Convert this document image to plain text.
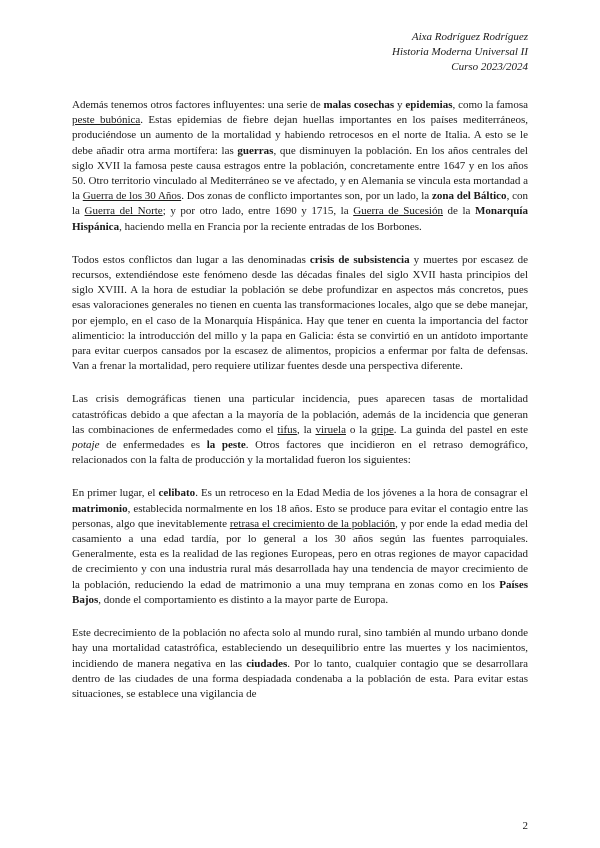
Aixa Rodríguez Rodríguez
Historia Moderna Universal II
Curso 2023/2024

Además tenemos otros factores influyentes: una serie de malas cosechas y epidemias, como la famosa peste bubónica. Estas epidemias de fiebre dejan huellas importantes en los países mediterráneos, produciéndose un aumento de la mortalidad y habiendo retrocesos en el norte de Italia. A esto se le debe añadir otra arma mortífera: las guerras, que disminuyen la población. En los años centrales del siglo XVII la famosa peste causa estragos entre la población, concretamente entre 1647 y en los años 50. Otro territorio vinculado al Mediterráneo se ve afectado, y en Alemania se vincula esta mortandad a la Guerra de los 30 Años. Dos zonas de conflicto importantes son, por un lado, la zona del Báltico, con la Guerra del Norte; y por otro lado, entre 1690 y 1715, la Guerra de Sucesión de la Monarquía Hispánica, haciendo mella en Francia por la reciente entradas de los Borbones.

Todos estos conflictos dan lugar a las denominadas crisis de subsistencia y muertes por escasez de recursos, extendiéndose este fenómeno desde las décadas finales del siglo XVII hasta principios del siglo XVIII. A la hora de estudiar la población se debe profundizar en aspectos más concretos, pues esas valoraciones generales no tienen en cuenta las transformaciones locales, algo que se debe manejar, por ejemplo, en el caso de la Monarquía Hispánica. Hay que tener en cuenta la importancia del factor alimenticio: la introducción del millo y la papa en Galicia: ésta se convirtió en un antídoto importante para evitar cuerpos cansados por la escasez de alimentos, propicios a enfermar por falta de defensas. Van a frenar la mortalidad, pero requiere utilizar fuentes desde una perspectiva diferente.

Las crisis demográficas tienen una particular incidencia, pues aparecen tasas de mortalidad catastróficas debido a que afectan a la mayoría de la población, además de la incidencia que generan las combinaciones de enfermedades como el tifus, la viruela o la gripe. La guinda del pastel en este potaje de enfermedades es la peste. Otros factores que incidieron en el retraso demográfico, relacionados con la falta de producción y la mortalidad fueron los siguientes:

En primer lugar, el celibato. Es un retroceso en la Edad Media de los jóvenes a la hora de consagrar el matrimonio, establecida normalmente en los 18 años. Esto se produce para evitar el contagio entre las personas, algo que inevitablemente retrasa el crecimiento de la población, y por ende la edad media del casamiento a una edad tardía, por lo general a los 30 años según las fuentes parroquiales. Generalmente, esta es la realidad de las regiones Europeas, pero en otras regiones de mayor capacidad de crecimiento y con una industria rural más desarrollada hay una tendencia de mayor crecimiento de la población, reduciendo la edad de matrimonio a una muy temprana en zonas como en los Países Bajos, donde el comportamiento es distinto a la mayor parte de Europa.

Este decrecimiento de la población no afecta solo al mundo rural, sino también al mundo urbano donde hay una mortalidad catastrófica, estableciendo un desequilibrio entre las muertes y los nacimientos, incidiendo de manera negativa en las ciudades. Por lo tanto, cualquier contagio que se desarrollara dentro de las ciudades de una forma despiadada condenaba a la población de esta. Para evitar estas situaciones, se establece una vigilancia de

2
